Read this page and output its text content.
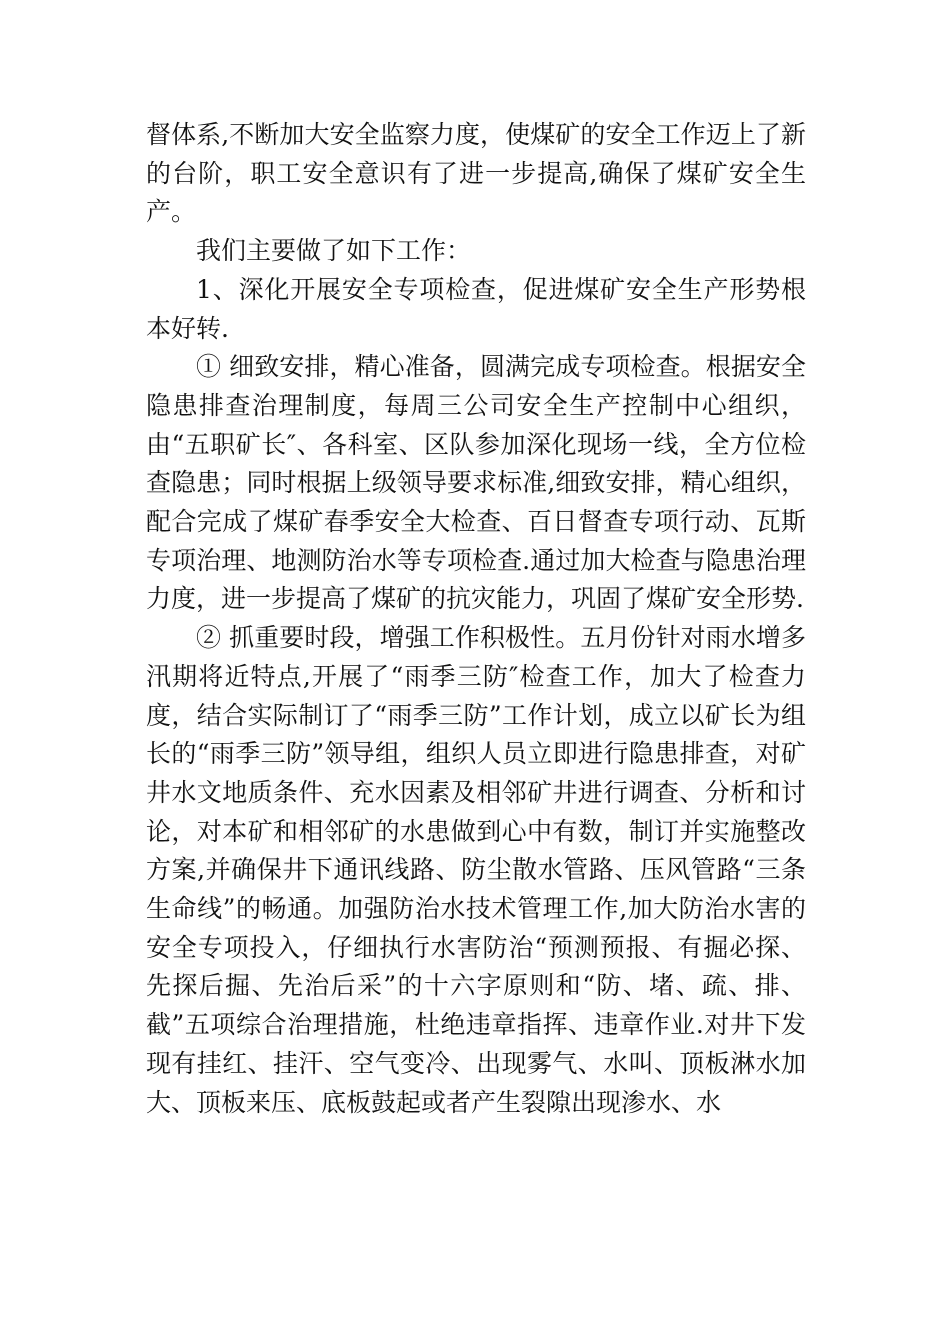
督体系,不断加大安全监察力度，使煤矿的安全工作迈上了新的台阶，职工安全意识有了进一步提高,确保了煤矿安全生产。

我们主要做了如下工作：

1、深化开展安全专项检查，促进煤矿安全生产形势根本好转.

① 细致安排，精心准备，圆满完成专项检查。根据安全隐患排查治理制度，每周三公司安全生产控制中心组织，由“五职矿长″、各科室、区队参加深化现场一线，全方位检查隐患；同时根据上级领导要求标准,细致安排，精心组织，配合完成了煤矿春季安全大检查、百日督查专项行动、瓦斯专项治理、地测防治水等专项检查.通过加大检查与隐患治理力度，进一步提高了煤矿的抗灾能力，巩固了煤矿安全形势.

② 抓重要时段，增强工作积极性。五月份针对雨水增多汛期将近特点,开展了“雨季三防″检查工作，加大了检查力度，结合实际制订了“雨季三防”工作计划，成立以矿长为组长的“雨季三防”领导组，组织人员立即进行隐患排查，对矿井水文地质条件、充水因素及相邻矿井进行调查、分析和讨论，对本矿和相邻矿的水患做到心中有数，制订并实施整改方案,并确保井下通讯线路、防尘散水管路、压风管路“三条生命线”的畅通。加强防治水技术管理工作,加大防治水害的安全专项投入，仔细执行水害防治“预测预报、有掘必探、先探后掘、先治后采”的十六字原则和“防、堵、疏、排、截”五项综合治理措施，杜绝违章指挥、违章作业.对井下发现有挂红、挂汗、空气变冷、出现雾气、水叫、顶板淋水加大、顶板来压、底板鼓起或者产生裂隙出现渗水、水
